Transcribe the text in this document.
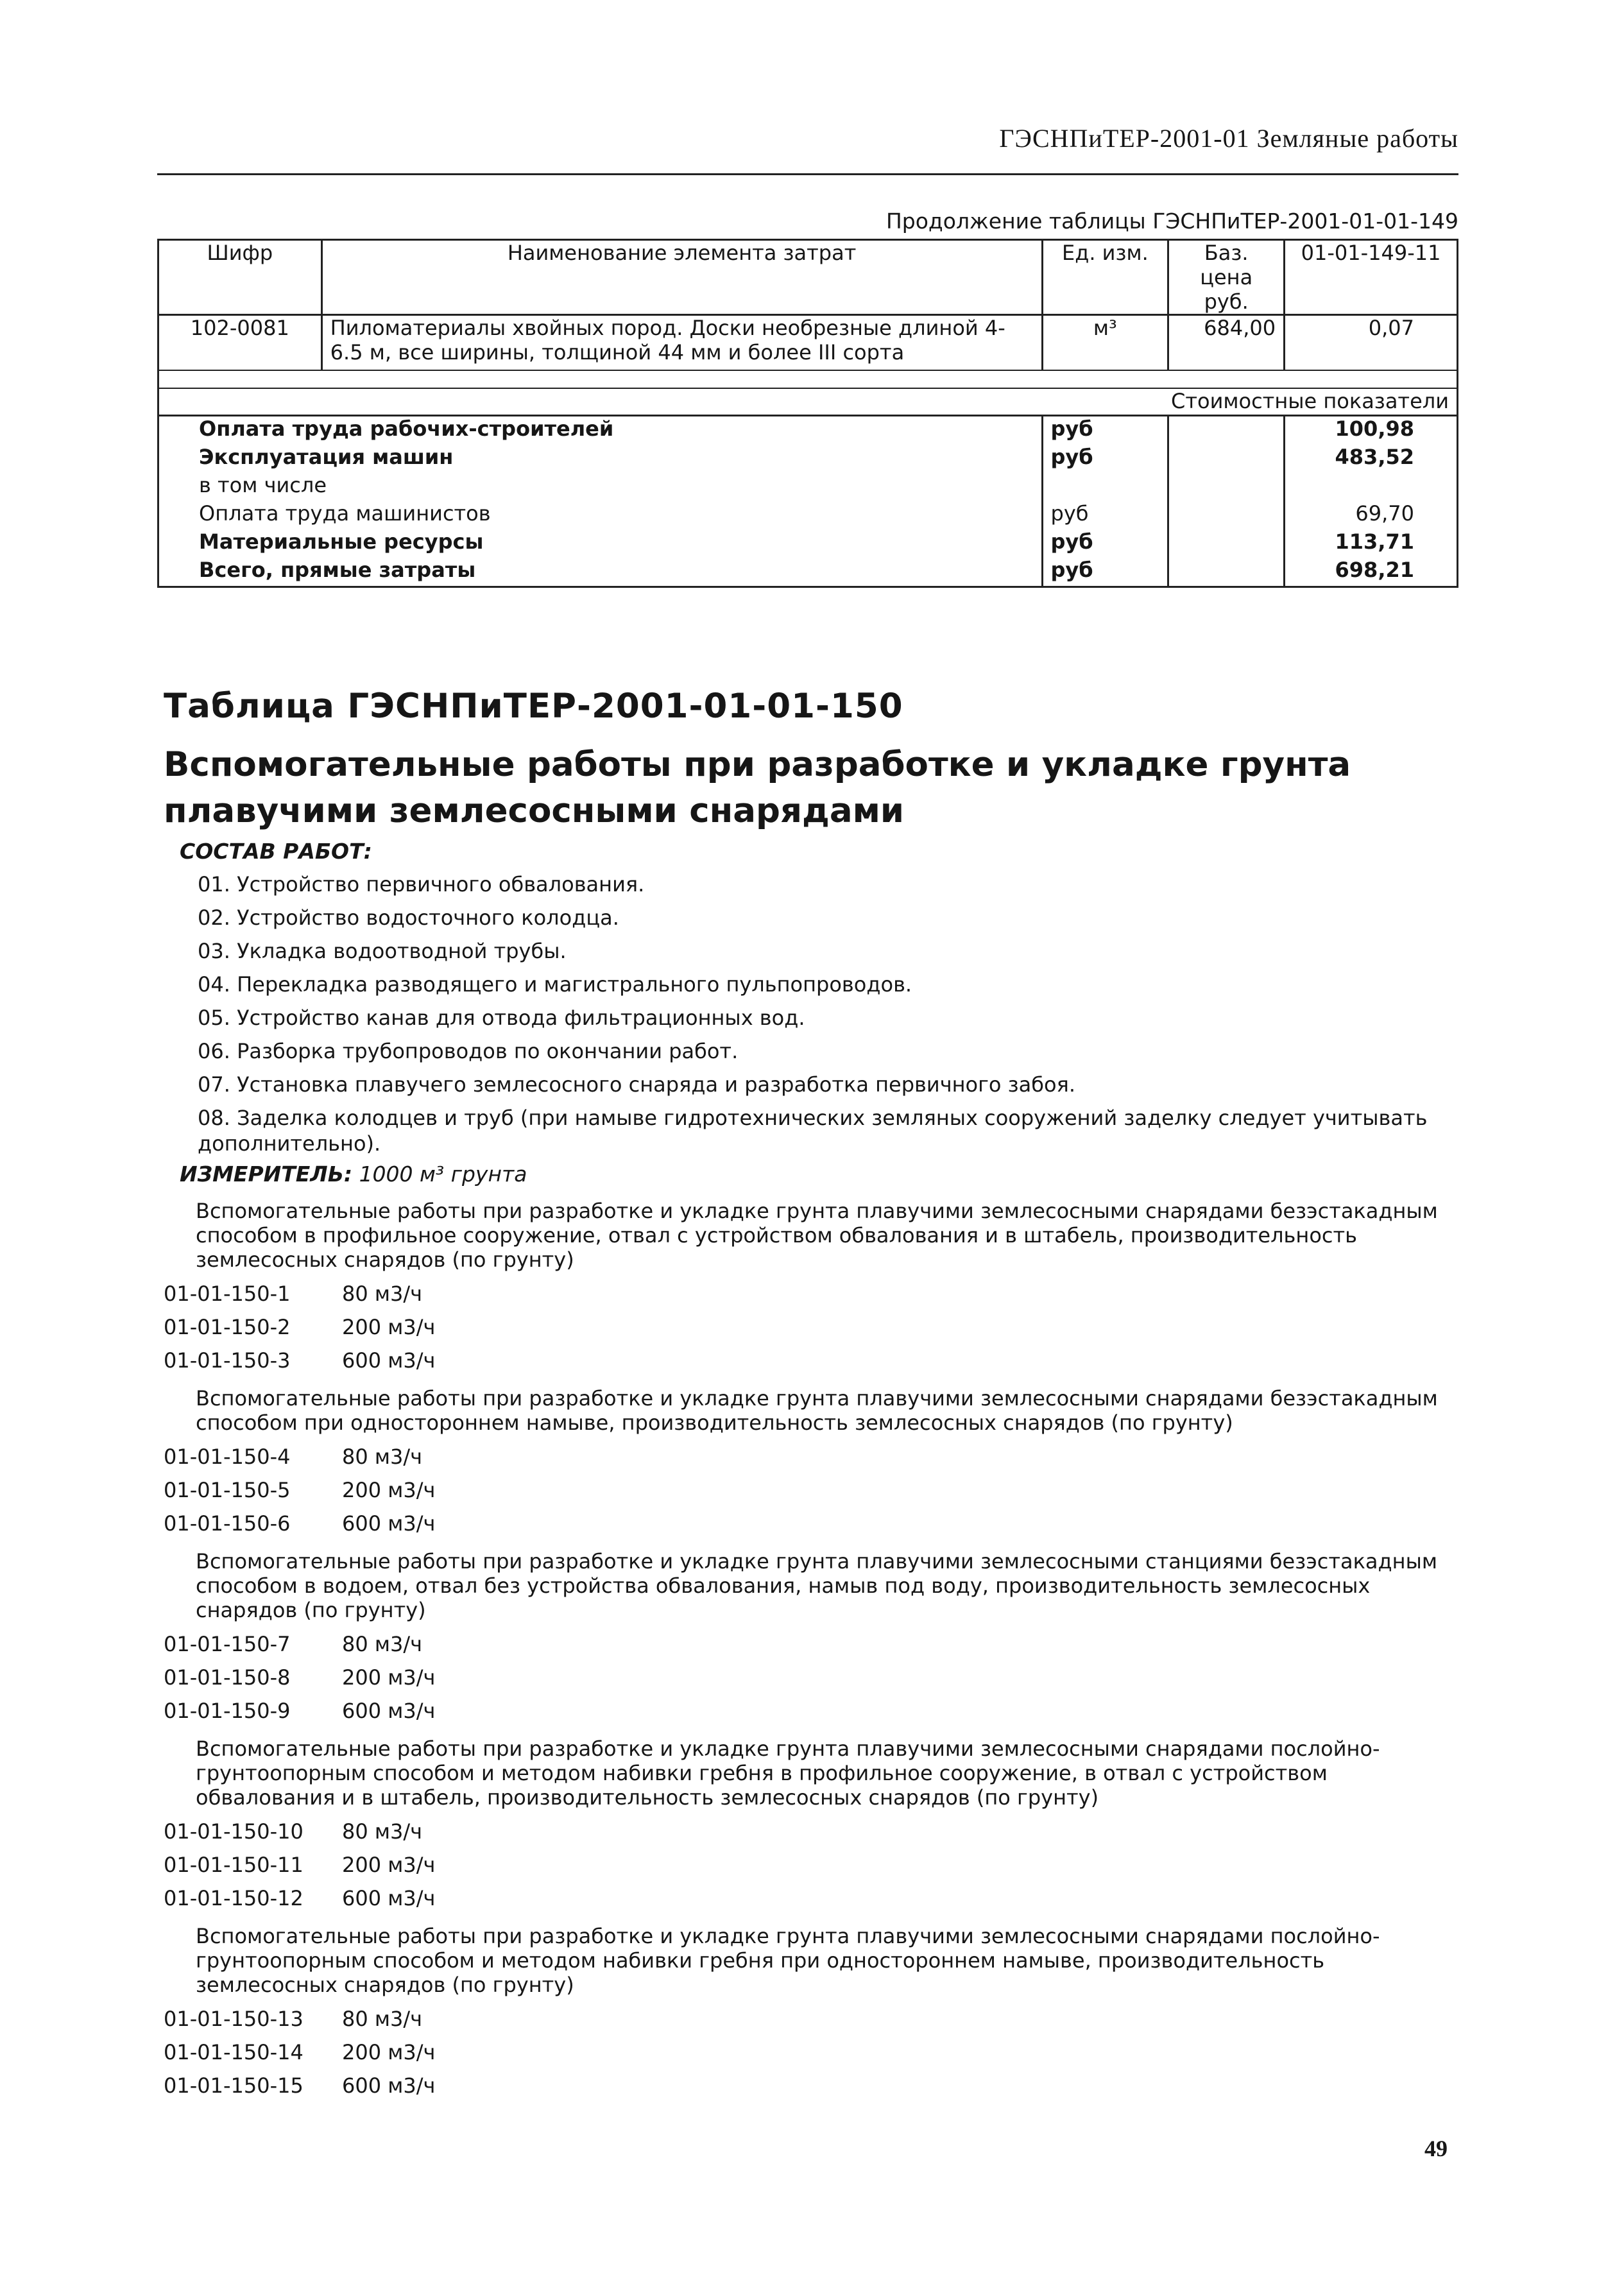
ГЭСНПиТЕР-2001-01 Земляные работы
Продолжение таблицы ГЭСНПиТЕР-2001-01-01-149
Шифр	Наименование элемента затрат	Ед. изм.	Баз. цена руб.	01-01-149-11
102-0081	Пиломатериалы хвойных пород. Доски необрезные длиной 4-6.5 м, все ширины, толщиной 44 мм и более III сорта	м³	684,00	0,07

Стоимостные показатели				
Оплата труда рабочих-строителей		руб		100,98
Эксплуатация машин		руб		483,52
в том числе				
Оплата труда машинистов		руб		69,70
Материальные ресурсы		руб		113,71
Всего, прямые затраты		руб		698,21
Таблица ГЭСНПиТЕР-2001-01-01-150
Вспомогательные работы при разработке и укладке грунта плавучими землесосными снарядами
СОСТАВ РАБОТ:
01. Устройство первичного обвалования.
02. Устройство водосточного колодца.
03. Укладка водоотводной трубы.
04. Перекладка разводящего и магистрального пульпопроводов.
05. Устройство канав для отвода фильтрационных вод.
06. Разборка трубопроводов по окончании работ.
07. Установка плавучего землесосного снаряда и разработка первичного забоя.
08. Заделка колодцев и труб (при намыве гидротехнических земляных сооружений заделку следует учитывать дополнительно).
ИЗМЕРИТЕЛЬ: 1000 м³ грунта
Вспомогательные работы при разработке и укладке грунта плавучими землесосными снарядами безэстакадным способом в профильное сооружение, отвал с устройством обвалования и в штабель, производительность землесосных снарядов (по грунту)
01-01-150-1	80 м3/ч
01-01-150-2	200 м3/ч
01-01-150-3	600 м3/ч
Вспомогательные работы при разработке и укладке грунта плавучими землесосными снарядами безэстакадным способом при одностороннем намыве, производительность землесосных снарядов (по грунту)
01-01-150-4	80 м3/ч
01-01-150-5	200 м3/ч
01-01-150-6	600 м3/ч
Вспомогательные работы при разработке и укладке грунта плавучими землесосными станциями безэстакадным способом в водоем, отвал без устройства обвалования, намыв под воду, производительность землесосных снарядов (по грунту)
01-01-150-7	80 м3/ч
01-01-150-8	200 м3/ч
01-01-150-9	600 м3/ч
Вспомогательные работы при разработке и укладке грунта плавучими землесосными снарядами послойно-грунтоопорным способом и методом набивки гребня в профильное сооружение, в отвал с устройством обвалования и в штабель, производительность землесосных снарядов (по грунту)
01-01-150-10 80 м3/ч
01-01-150-11 200 м3/ч
01-01-150-12 600 м3/ч
Вспомогательные работы при разработке и укладке грунта плавучими землесосными снарядами послойно-грунтоопорным способом и методом набивки гребня при одностороннем намыве, производительность землесосных снарядов (по грунту)
01-01-150-13 80 м3/ч
01-01-150-14 200 м3/ч
01-01-150-15 600 м3/ч
49
